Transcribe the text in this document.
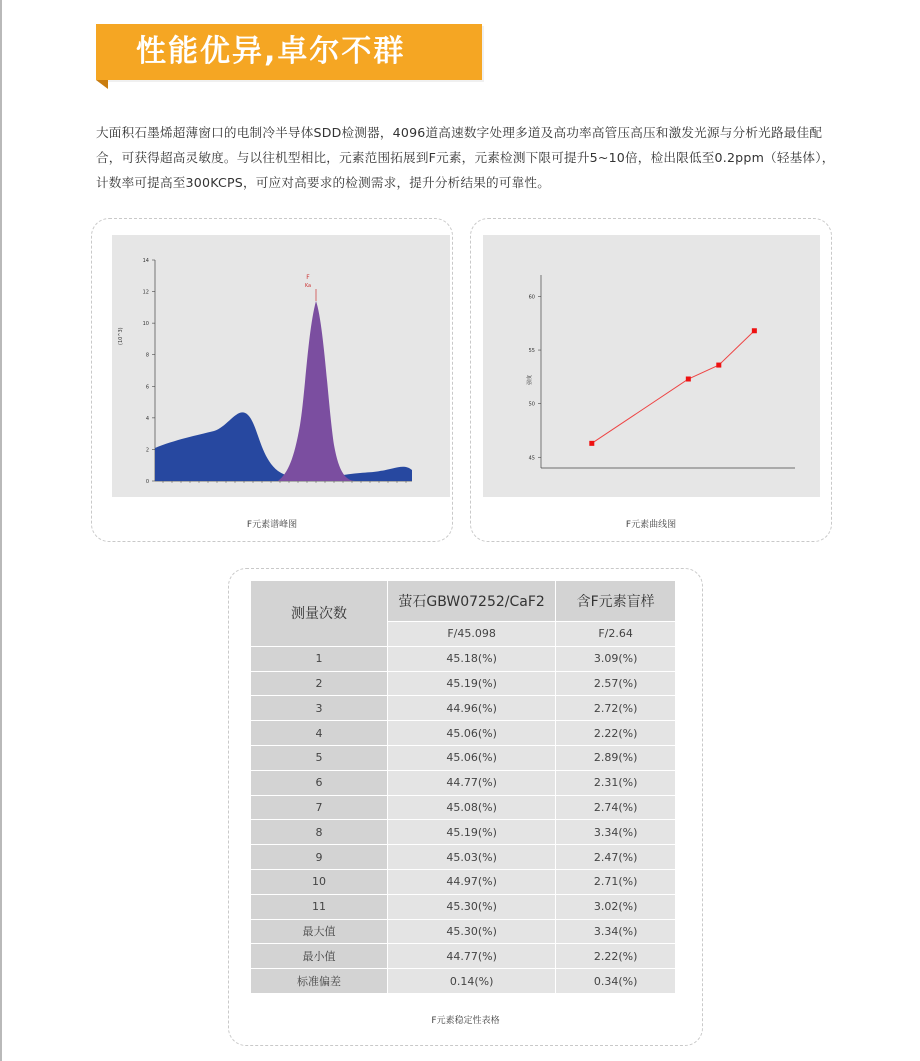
性能优异,卓尔不群
大面积石墨烯超薄窗口的电制冷半导体SDD检测器，4096道高速数字处理多道及高功率高管压高压和激发光源与分析光路最佳配合，可获得超高灵敏度。与以往机型相比，元素范围拓展到F元素，元素检测下限可提升5~10倍，检出限低至0.2ppm（轻基体），计数率可提高至300KCPS，可应对高要求的检测需求，提升分析结果的可靠性。
14
12
10
8
6
4
2
0
(10^3)
F
Ka
F元素谱峰图
60
55
50
45
强度
F元素曲线图
F元素稳定性表格
测量次数	萤石GBW07252/CaF2	含F元素盲样
	F/45.098	F/2.64
1	45.18(%)	3.09(%)
2	45.19(%)	2.57(%)
3	44.96(%)	2.72(%)
4	45.06(%)	2.22(%)
5	45.06(%)	2.89(%)
6	44.77(%)	2.31(%)
7	45.08(%)	2.74(%)
8	45.19(%)	3.34(%)
9	45.03(%)	2.47(%)
10	44.97(%)	2.71(%)
11	45.30(%)	3.02(%)
最大值	45.30(%)	3.34(%)
最小值	44.77(%)	2.22(%)
标准偏差	0.14(%)	0.34(%)
